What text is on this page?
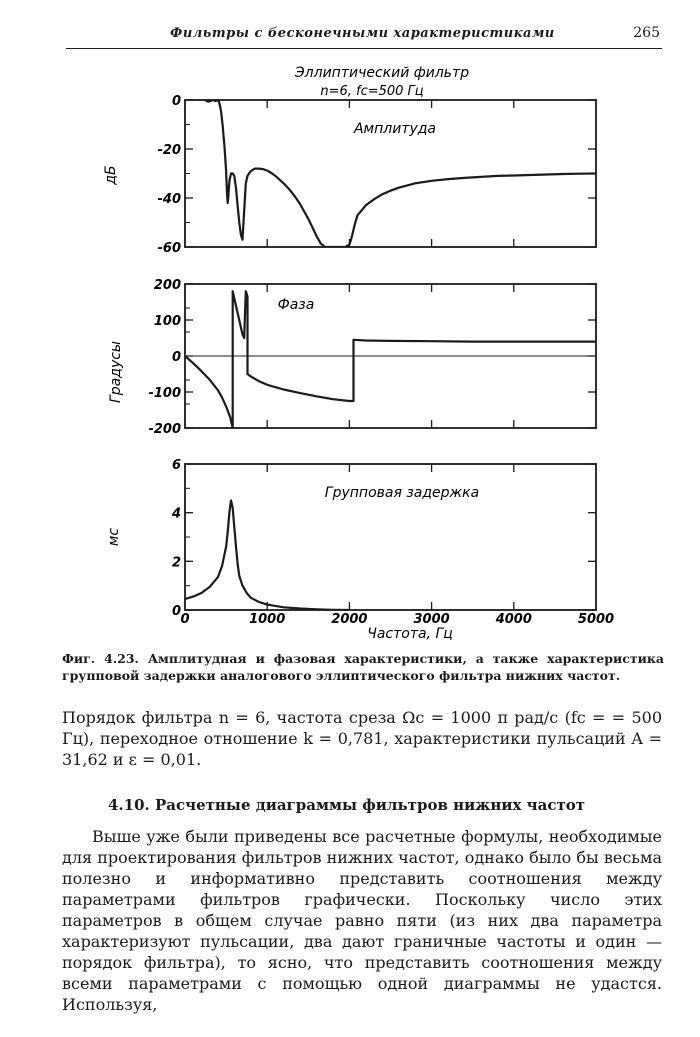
Фильтры с бесконечными характеристиками	265
Эллиптический фильтр
n=6, fc=500 Гц
0
-20
-40
-60
дБ
Амплитуда
200
100
0
-100
-200
Градусы
Фаза
0
2
4
6
мс
Групповая задержка
0	1000	2000	3000	4000	5000
Частота, Гц
Фиг. 4.23. Амплитудная и фазовая характеристики, а также характеристика групповой задержки аналогового эллиптического фильтра нижних частот.
Порядок фильтра n = 6, частота среза Ωc = 1000 π рад/с (fc = = 500 Гц), переходное отношение k = 0,781, характеристики пульсаций A = 31,62 и ε = 0,01.
4.10. Расчетные диаграммы фильтров нижних частот
Выше уже были приведены все расчетные формулы, необходимые для проектирования фильтров нижних частот, однако было бы весьма полезно и информативно представить соотношения между параметрами фильтров графически. Поскольку число этих параметров в общем случае равно пяти (из них два параметра характеризуют пульсации, два дают граничные частоты и один — порядок фильтра), то ясно, что представить соотношения между всеми параметрами с помощью одной диаграммы не удастся. Используя,
